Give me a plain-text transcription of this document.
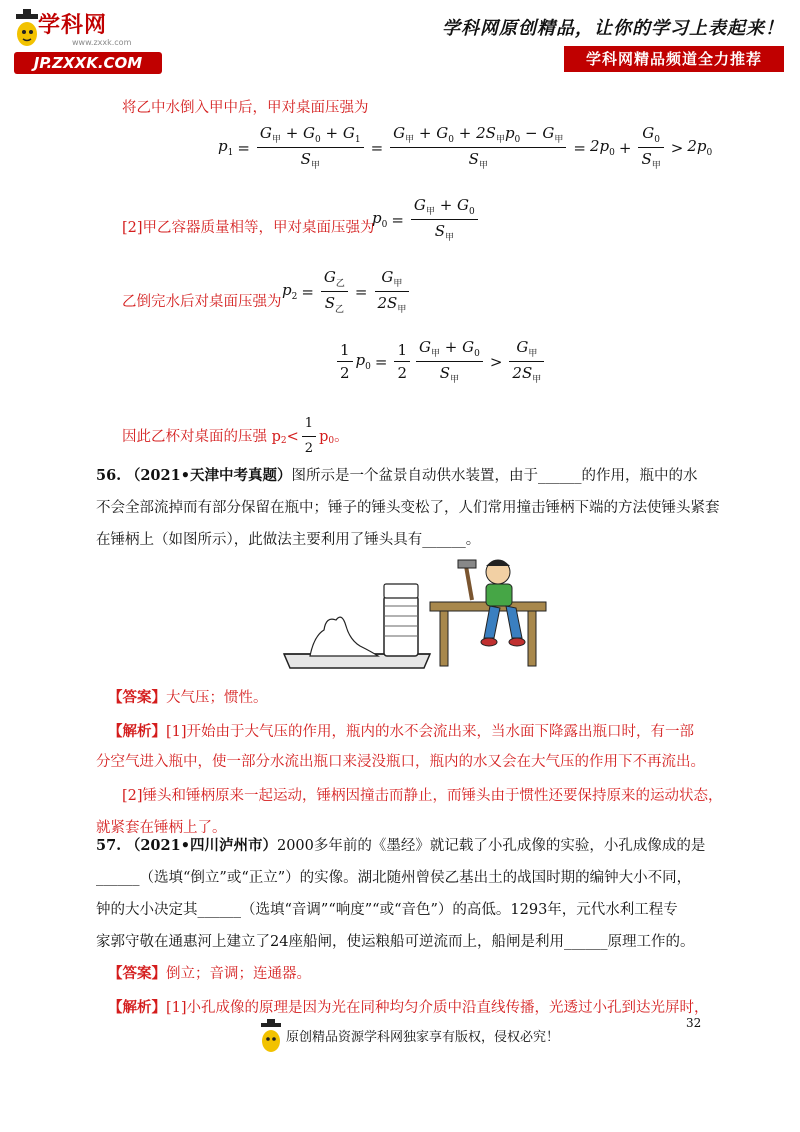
学科网
www.zxxk.com
JP.ZXXK.COM
学科网原创精品，让你的学习上表起来！
学科网精品频道全力推荐
将乙中水倒入甲中后，甲对桌面压强为
$p_1 = \frac{G_甲 + G_0 + G_1}{S_甲} = \frac{G_甲 + G_0 + 2S_甲p_0 - G_甲}{S_甲} = 2p_0 + \frac{G_0}{S_甲} > 2p_0$
[2]甲乙容器质量相等，甲对桌面压强为
$p_0 = \frac{G_甲 + G_0}{S_甲}$
乙倒完水后对桌面压强为
$p_2 = \frac{G_乙}{S_乙} = \frac{G_甲}{2S_甲}$
$\frac{1}{2} p_0 = \frac{1}{2} \frac{G_甲 + G_0}{S_甲} > \frac{G_甲}{2S_甲}$
因此乙杯对桌面的压强 p $2 < \frac{1}{2}$ p 0 。
56. （2021•天津中考真题）图所示是一个盆景自动供水装置，由于______的作用，瓶中的水
不会全部流掉而有部分保留在瓶中；锤子的锤头变松了，人们常用撞击锤柄下端的方法使锤头紧套
在锤柄上（如图所示），此做法主要利用了锤头具有______。
【答案】大气压；惯性。
【解析】[1]开始由于大气压的作用，瓶内的水不会流出来，当水面下降露出瓶口时，有一部
分空气进入瓶中，使一部分水流出瓶口来浸没瓶口，瓶内的水又会在大气压的作用下不再流出。
[2]锤头和锤柄原来一起运动，锤柄因撞击而静止，而锤头由于惯性还要保持原来的运动状态，
就紧套在锤柄上了。
57. （2021•四川泸州市）2000多年前的《墨经》就记载了小孔成像的实验，小孔成像成的是
______（选填“倒立”或“正立”）的实像。湖北随州曾侯乙基出土的战国时期的编钟大小不同，
钟的大小决定其______（选填“音调”“响度”“或“音色”）的高低。1293年，元代水利工程专
家郭守敬在通惠河上建立了24座船闸，使运粮船可逆流而上，船闸是利用______原理工作的。
【答案】倒立；音调；连通器。
【解析】[1]小孔成像的原理是因为光在同种均匀介质中沿直线传播，光透过小孔到达光屏时，
32
原创精品资源学科网独家享有版权，侵权必究！
